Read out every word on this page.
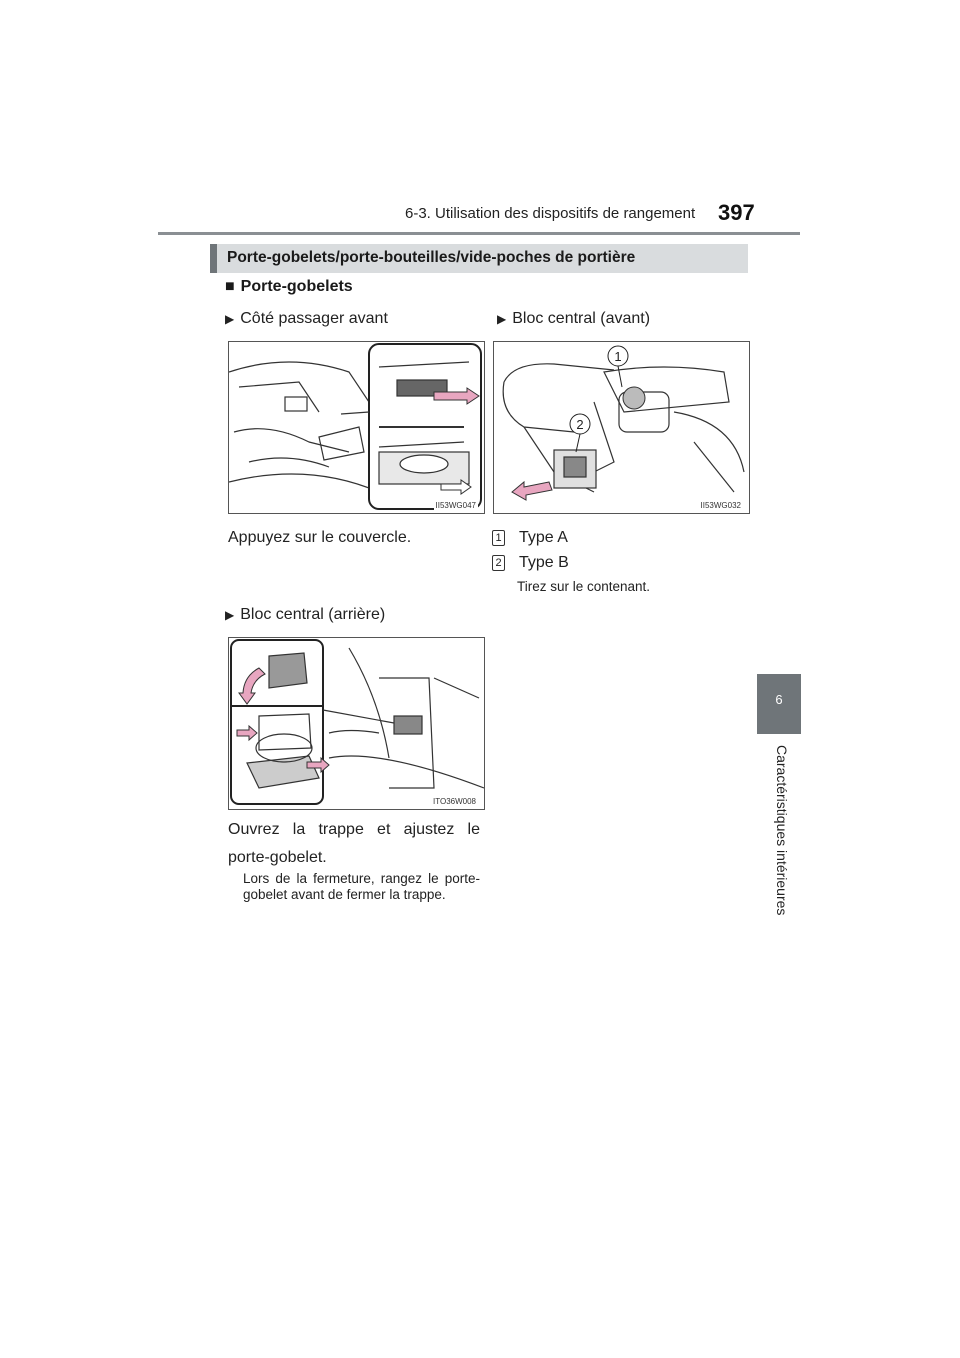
6-3. Utilisation des dispositifs de rangement 397
6
Caractéristiques intérieures
Porte-gobelets/porte-bouteilles/vide-poches de portière
■ Porte-gobelets
▶ Côté passager avant
II53WG047
Appuyez sur le couvercle.
▶ Bloc central (avant)
1
2
II53WG032
1 Type A
2 Type B
Tirez sur le contenant.
▶ Bloc central (arrière)
ITO36W008
Ouvrez la trappe et ajustez le porte-gobelet.
Lors de la fermeture, rangez le porte-gobelet avant de fermer la trappe.
